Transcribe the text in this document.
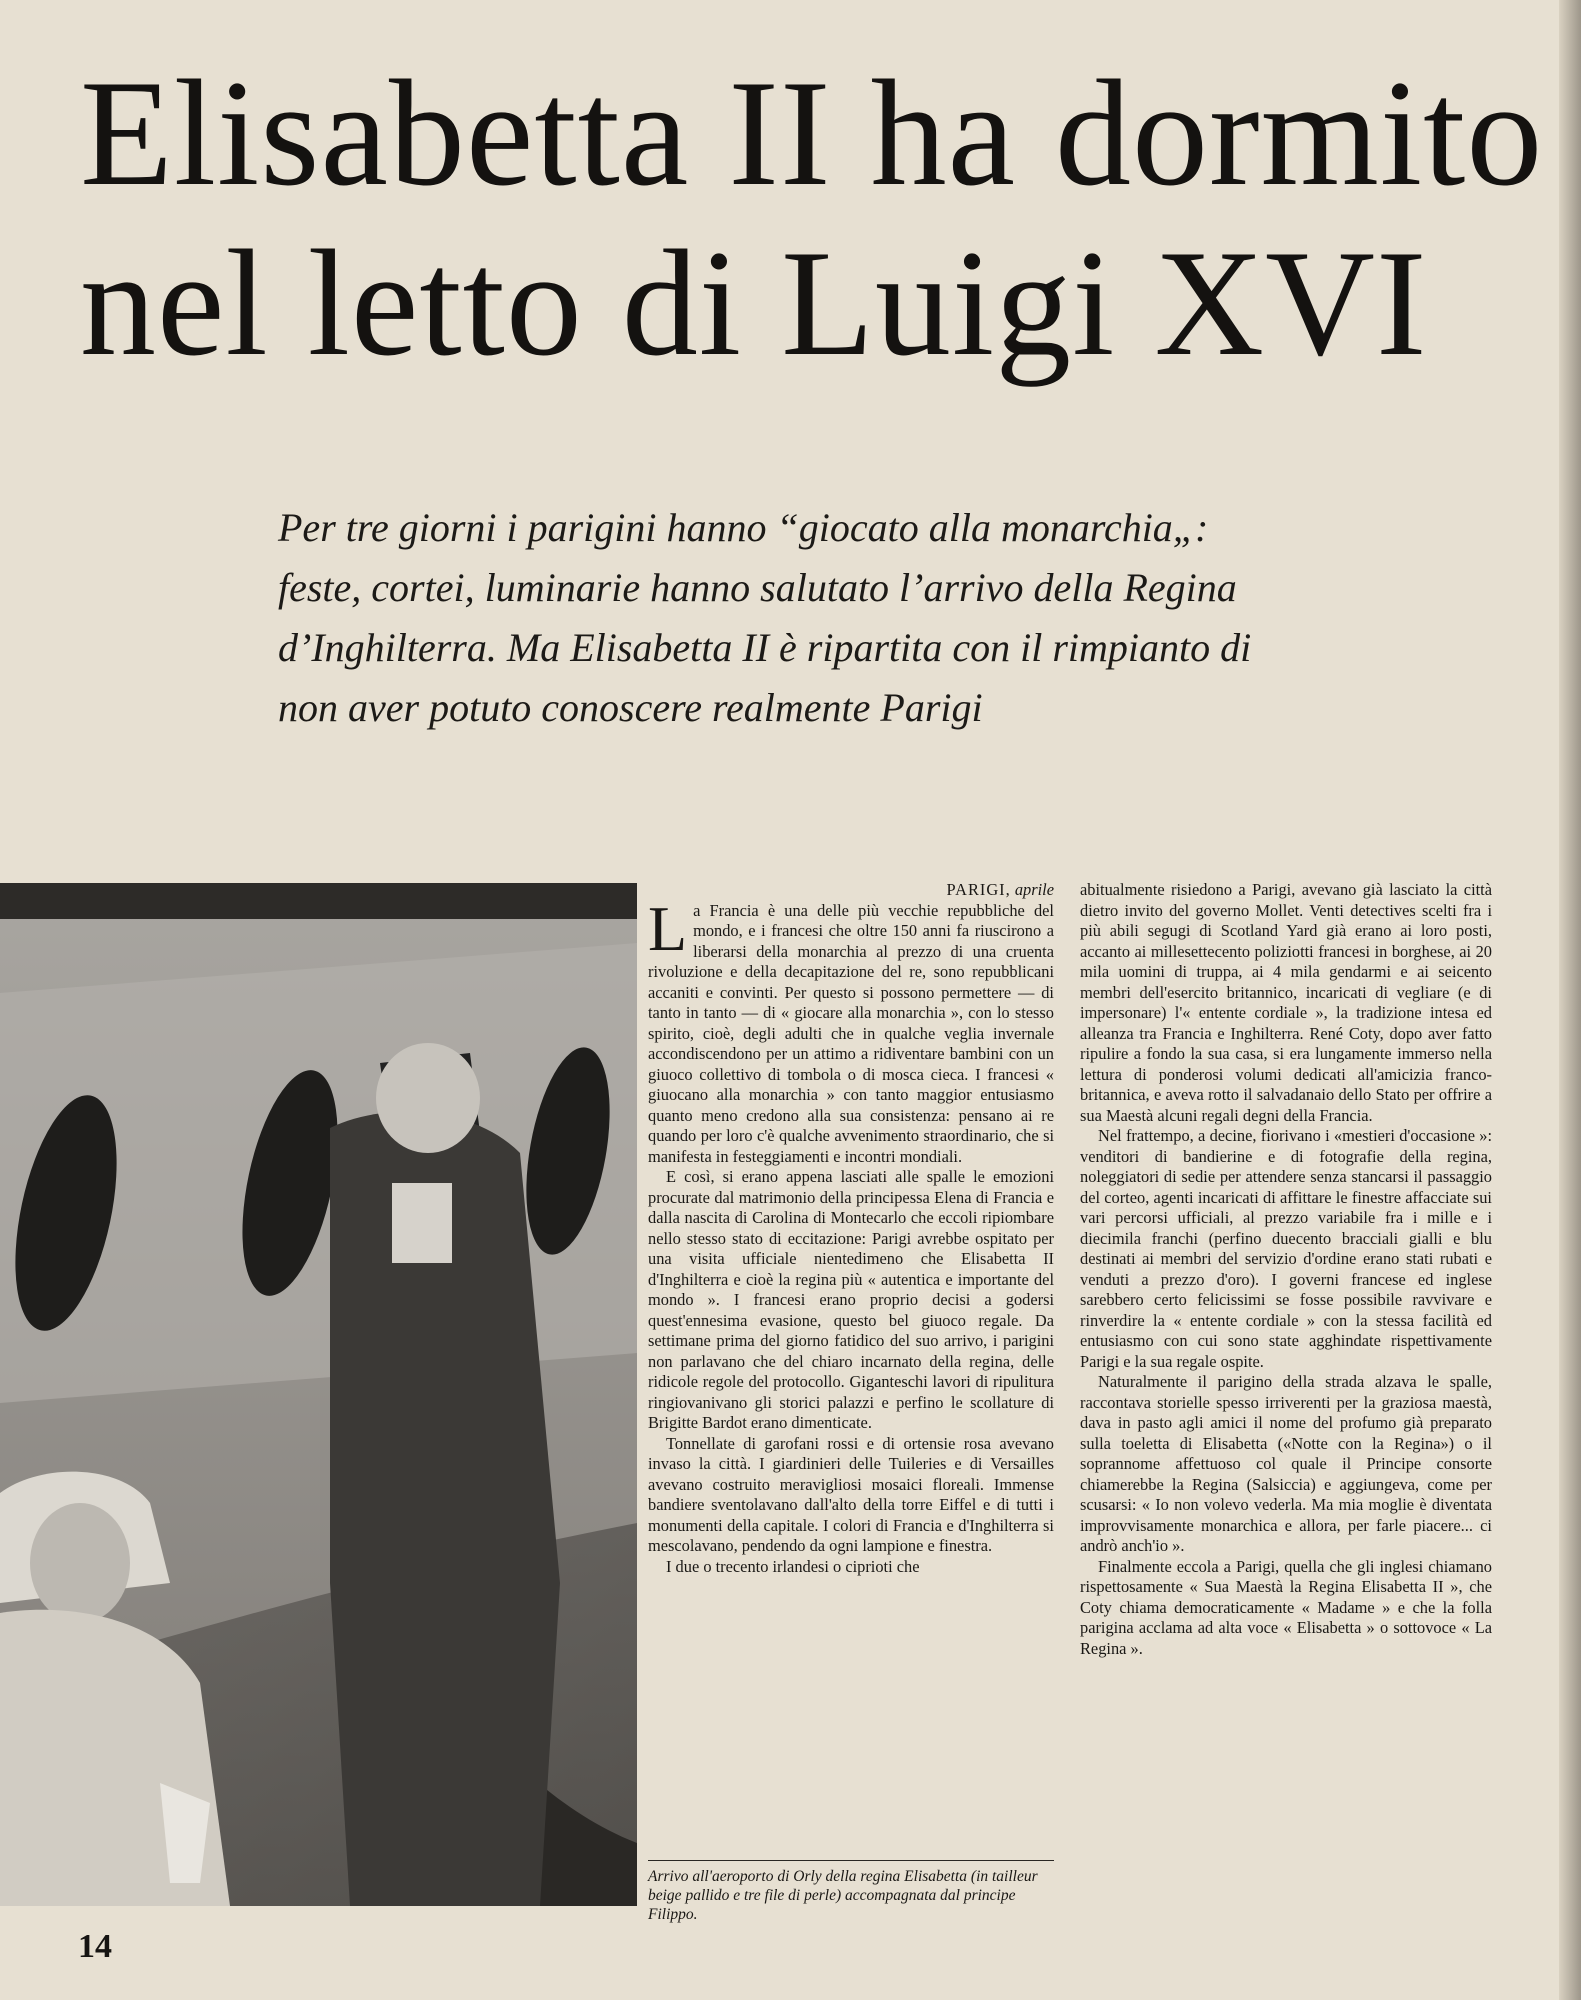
Elisabetta II ha dormito
nel letto di Luigi XVI

Per tre giorni i parigini hanno “giocato alla monarchia„: feste, cortei, luminarie hanno salutato l’arrivo della Regina d’Inghilterra. Ma Elisabetta II è ripartita con il rimpianto di non aver potuto conoscere realmente Parigi

PARIGI, aprile

La Francia è una delle più vecchie repubbliche del mondo, e i francesi che oltre 150 anni fa riuscirono a liberarsi della monarchia al prezzo di una cruenta rivoluzione e della decapitazione del re, sono repubblicani accaniti e convinti. Per questo si possono permettere — di tanto in tanto — di « giocare alla monarchia », con lo stesso spirito, cioè, degli adulti che in qualche veglia invernale accondiscendono per un attimo a ridiventare bambini con un giuoco collettivo di tombola o di mosca cieca. I francesi « giuocano alla monarchia » con tanto maggior entusiasmo quanto meno credono alla sua consistenza: pensano ai re quando per loro c'è qualche avvenimento straordinario, che si manifesta in festeggiamenti e incontri mondiali.

E così, si erano appena lasciati alle spalle le emozioni procurate dal matrimonio della principessa Elena di Francia e dalla nascita di Carolina di Montecarlo che eccoli ripiombare nello stesso stato di eccitazione: Parigi avrebbe ospitato per una visita ufficiale nientedimeno che Elisabetta II d'Inghilterra e cioè la regina più « autentica e importante del mondo ». I francesi erano proprio decisi a godersi quest'ennesima evasione, questo bel giuoco regale. Da settimane prima del giorno fatidico del suo arrivo, i parigini non parlavano che del chiaro incarnato della regina, delle ridicole regole del protocollo. Giganteschi lavori di ripulitura ringiovanivano gli storici palazzi e perfino le scollature di Brigitte Bardot erano dimenticate.

Tonnellate di garofani rossi e di ortensie rosa avevano invaso la città. I giardinieri delle Tuileries e di Versailles avevano costruito meravigliosi mosaici floreali. Immense bandiere sventolavano dall'alto della torre Eiffel e di tutti i monumenti della capitale. I colori di Francia e d'Inghilterra si mescolavano, pendendo da ogni lampione e finestra.

I due o trecento irlandesi o ciprioti che

Arrivo all'aeroporto di Orly della regina Elisabetta (in tailleur beige pallido e tre file di perle) accompagnata dal principe Filippo.

abitualmente risiedono a Parigi, avevano già lasciato la città dietro invito del governo Mollet. Venti detectives scelti fra i più abili segugi di Scotland Yard già erano ai loro posti, accanto ai millesettecento poliziotti francesi in borghese, ai 20 mila uomini di truppa, ai 4 mila gendarmi e ai seicento membri dell'esercito britannico, incaricati di vegliare (e di impersonare) l'« entente cordiale », la tradizione intesa ed alleanza tra Francia e Inghilterra. René Coty, dopo aver fatto ripulire a fondo la sua casa, si era lungamente immerso nella lettura di ponderosi volumi dedicati all'amicizia franco-britannica, e aveva rotto il salvadanaio dello Stato per offrire a sua Maestà alcuni regali degni della Francia.

Nel frattempo, a decine, fiorivano i «mestieri d'occasione »: venditori di bandierine e di fotografie della regina, noleggiatori di sedie per attendere senza stancarsi il passaggio del corteo, agenti incaricati di affittare le finestre affacciate sui vari percorsi ufficiali, al prezzo variabile fra i mille e i diecimila franchi (perfino duecento bracciali gialli e blu destinati ai membri del servizio d'ordine erano stati rubati e venduti a prezzo d'oro). I governi francese ed inglese sarebbero certo felicissimi se fosse possibile ravvivare e rinverdire la « entente cordiale » con la stessa facilità ed entusiasmo con cui sono state agghindate rispettivamente Parigi e la sua regale ospite.

Naturalmente il parigino della strada alzava le spalle, raccontava storielle spesso irriverenti per la graziosa maestà, dava in pasto agli amici il nome del profumo già preparato sulla toeletta di Elisabetta («Notte con la Regina») o il soprannome affettuoso col quale il Principe consorte chiamerebbe la Regina (Salsiccia) e aggiungeva, come per scusarsi: « Io non volevo vederla. Ma mia moglie è diventata improvvisamente monarchica e allora, per farle piacere... ci andrò anch'io ».

Finalmente eccola a Parigi, quella che gli inglesi chiamano rispettosamente « Sua Maestà la Regina Elisabetta II », che Coty chiama democraticamente « Madame » e che la folla parigina acclama ad alta voce « Elisabetta » o sottovoce « La Regina ».

14
